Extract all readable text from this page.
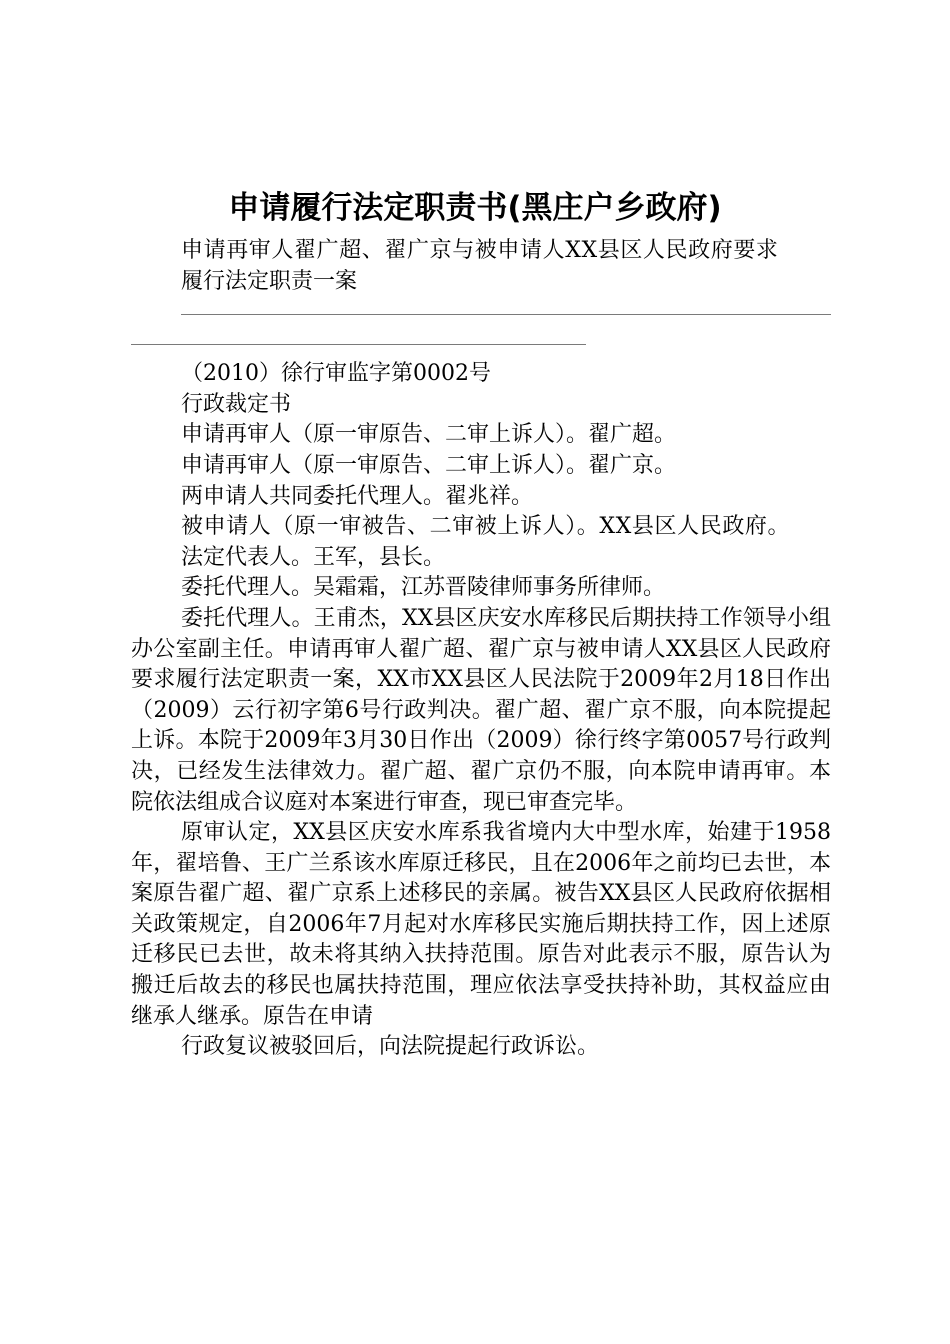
申请履行法定职责书(黑庄户乡政府)

申请再审人翟广超、翟广京与被申请人XX县区人民政府要求

履行法定职责一案

（2010）徐行审监字第0002号

行政裁定书

申请再审人（原一审原告、二审上诉人）。翟广超。

申请再审人（原一审原告、二审上诉人）。翟广京。

两申请人共同委托代理人。翟兆祥。

被申请人（原一审被告、二审被上诉人）。XX县区人民政府。

法定代表人。王军，县长。

委托代理人。吴霜霜，江苏晋陵律师事务所律师。

委托代理人。王甫杰，XX县区庆安水库移民后期扶持工作领导小组办公室副主任。申请再审人翟广超、翟广京与被申请人XX县区人民政府要求履行法定职责一案，XX市XX县区人民法院于2009年2月18日作出（2009）云行初字第6号行政判决。翟广超、翟广京不服，向本院提起上诉。本院于2009年3月30日作出（2009）徐行终字第0057号行政判决，已经发生法律效力。翟广超、翟广京仍不服，向本院申请再审。本院依法组成合议庭对本案进行审查，现已审查完毕。

原审认定，XX县区庆安水库系我省境内大中型水库，始建于1958年，翟培鲁、王广兰系该水库原迁移民，且在2006年之前均已去世，本案原告翟广超、翟广京系上述移民的亲属。被告XX县区人民政府依据相关政策规定，自2006年7月起对水库移民实施后期扶持工作，因上述原迁移民已去世，故未将其纳入扶持范围。原告对此表示不服，原告认为搬迁后故去的移民也属扶持范围，理应依法享受扶持补助，其权益应由继承人继承。原告在申请

行政复议被驳回后，向法院提起行政诉讼。
